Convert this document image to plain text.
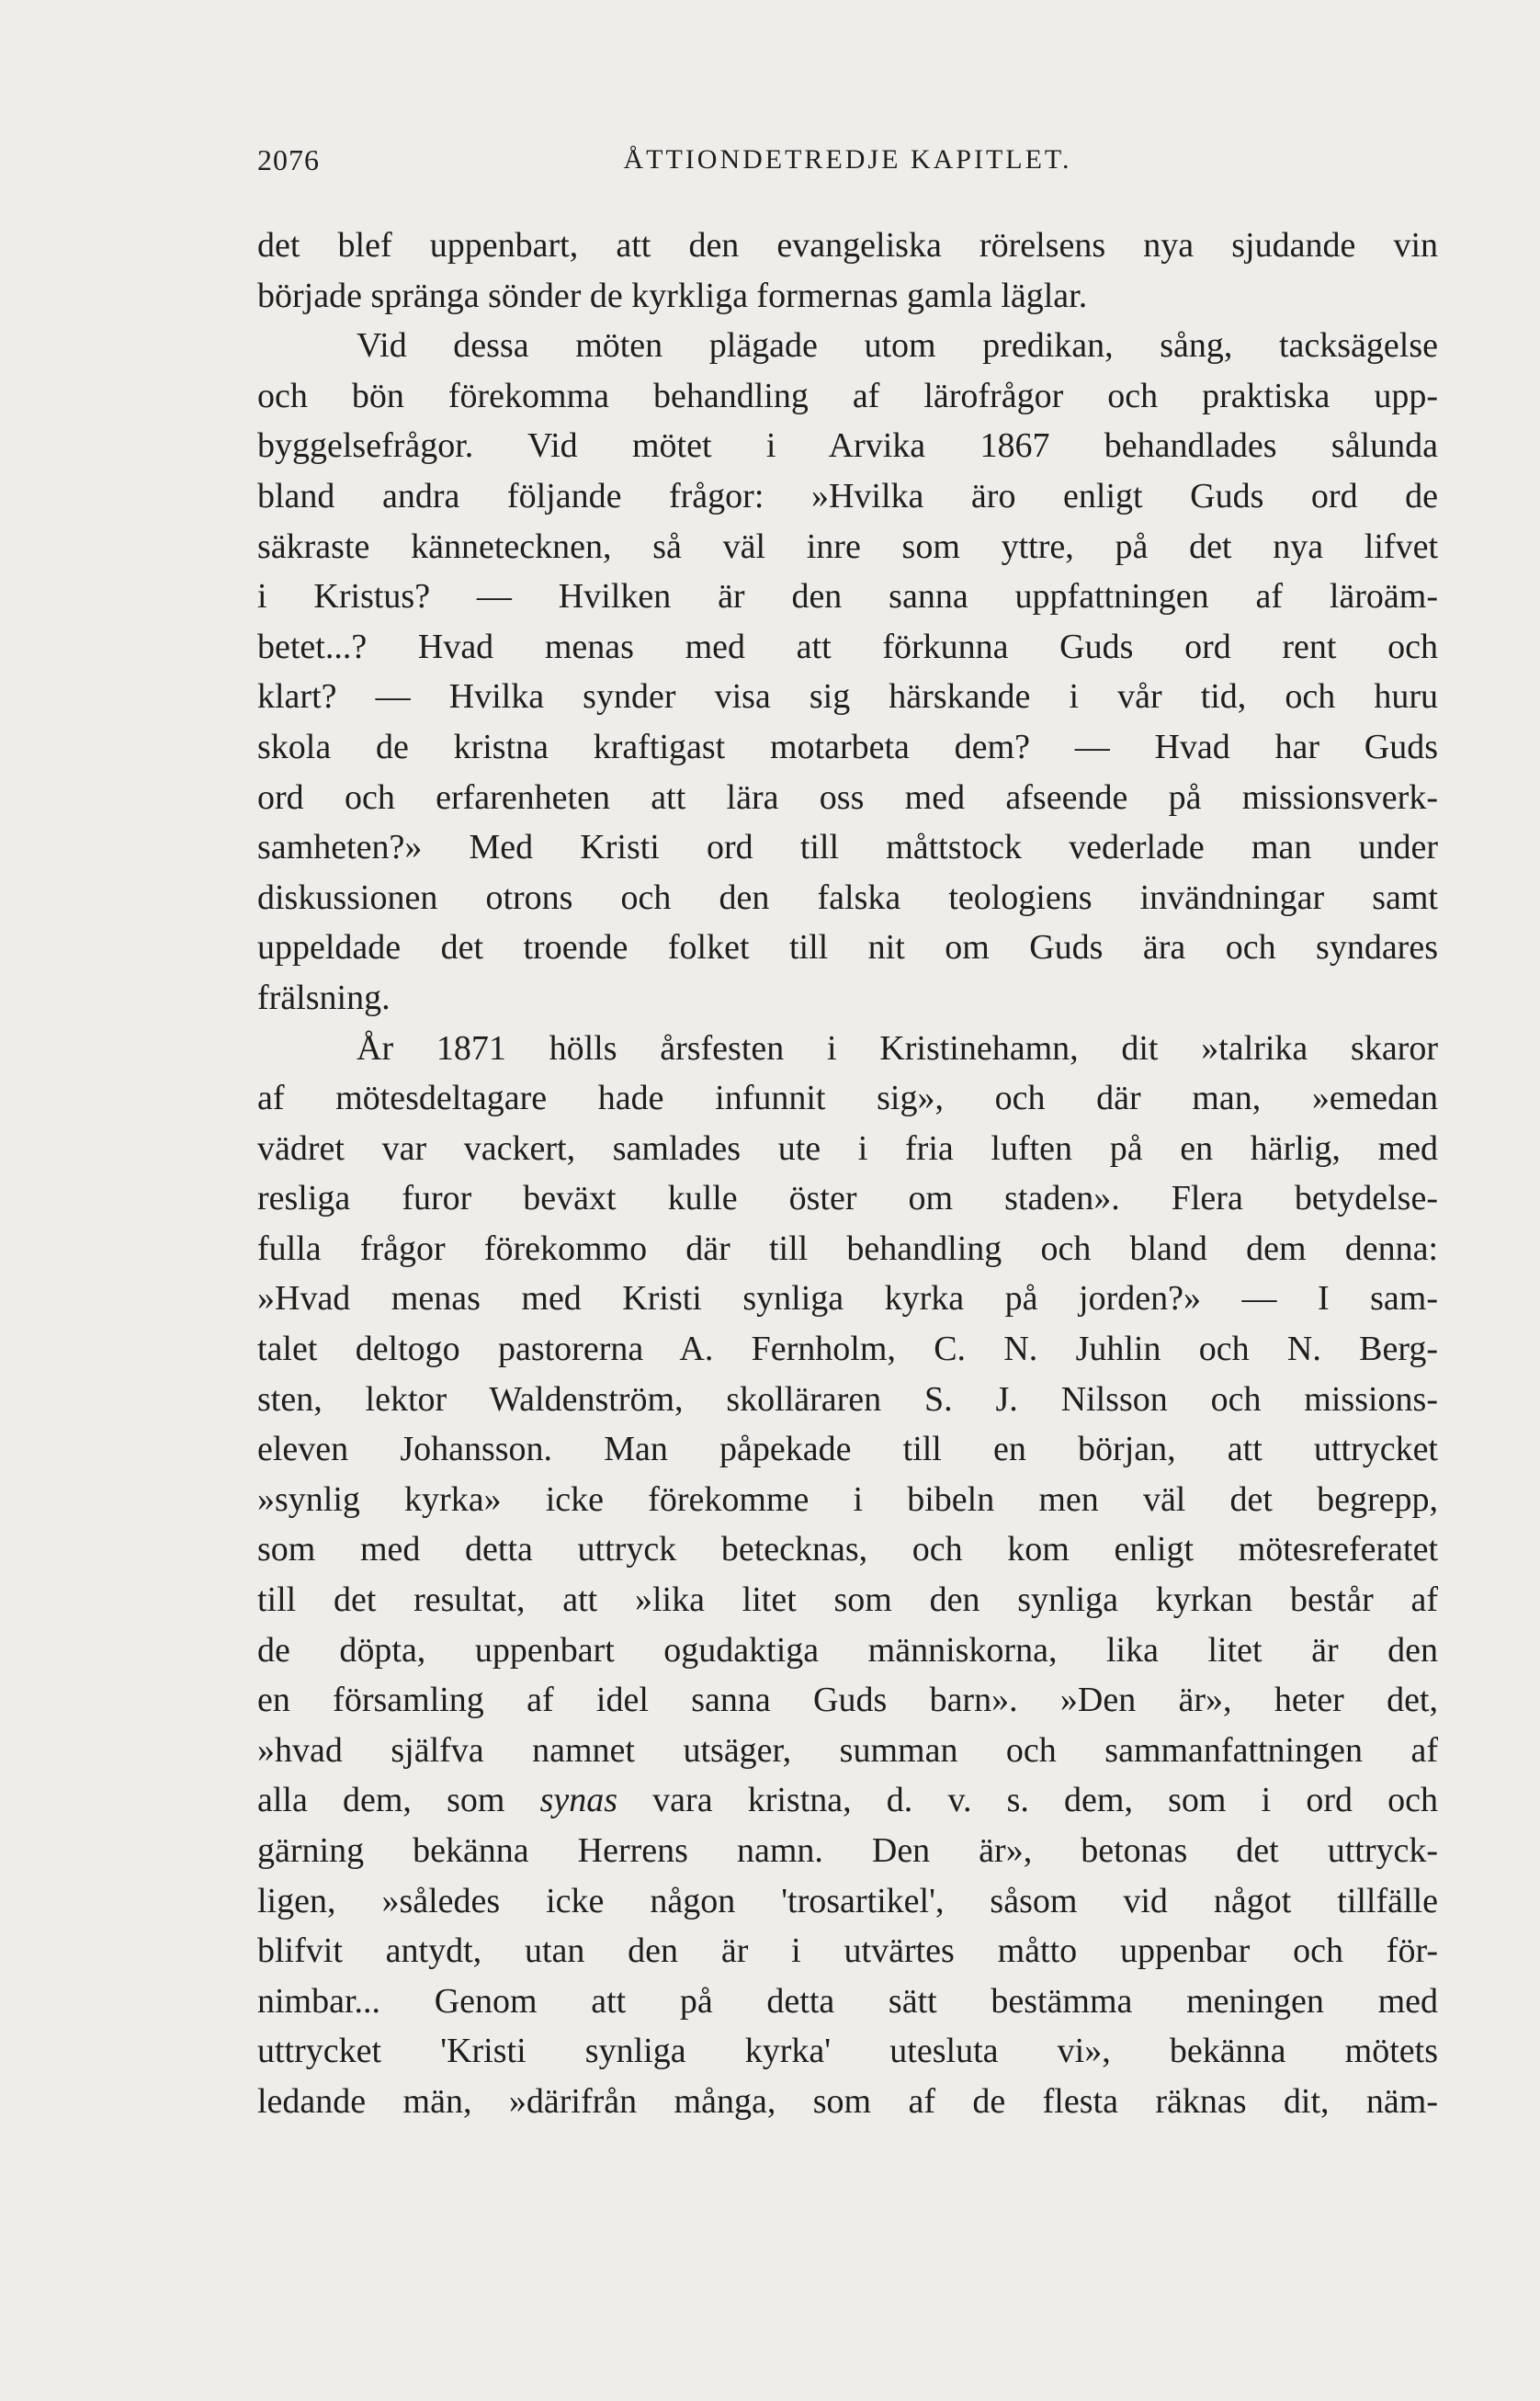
2076	ÅTTIONDETREDJE KAPITLET.
det blef uppenbart, att den evangeliska rörelsens nya sjudande vin
började spränga sönder de kyrkliga formernas gamla läglar.
Vid dessa möten plägade utom predikan, sång, tacksägelse
och bön förekomma behandling af lärofrågor och praktiska upp-
byggelsefrågor. Vid mötet i Arvika 1867 behandlades sålunda
bland andra följande frågor: »Hvilka äro enligt Guds ord de
säkraste kännetecknen, så väl inre som yttre, på det nya lifvet
i Kristus? — Hvilken är den sanna uppfattningen af läroäm-
betet...? Hvad menas med att förkunna Guds ord rent och
klart? — Hvilka synder visa sig härskande i vår tid, och huru
skola de kristna kraftigast motarbeta dem? — Hvad har Guds
ord och erfarenheten att lära oss med afseende på missionsverk-
samheten?» Med Kristi ord till måttstock vederlade man under
diskussionen otrons och den falska teologiens invändningar samt
uppeldade det troende folket till nit om Guds ära och syndares
frälsning.
År 1871 hölls årsfesten i Kristinehamn, dit »talrika skaror
af mötesdeltagare hade infunnit sig», och där man, »emedan
vädret var vackert, samlades ute i fria luften på en härlig, med
resliga furor beväxt kulle öster om staden». Flera betydelse-
fulla frågor förekommo där till behandling och bland dem denna:
»Hvad menas med Kristi synliga kyrka på jorden?» — I sam-
talet deltogo pastorerna A. Fernholm, C. N. Juhlin och N. Berg-
sten, lektor Waldenström, skolläraren S. J. Nilsson och missions-
eleven Johansson. Man påpekade till en början, att uttrycket
»synlig kyrka» icke förekomme i bibeln men väl det begrepp,
som med detta uttryck betecknas, och kom enligt mötesreferatet
till det resultat, att »lika litet som den synliga kyrkan består af
de döpta, uppenbart ogudaktiga människorna, lika litet är den
en församling af idel sanna Guds barn». »Den är», heter det,
»hvad själfva namnet utsäger, summan och sammanfattningen af
alla dem, som synas vara kristna, d. v. s. dem, som i ord och
gärning bekänna Herrens namn. Den är», betonas det uttryck-
ligen, »således icke någon 'trosartikel', såsom vid något tillfälle
blifvit antydt, utan den är i utvärtes måtto uppenbar och för-
nimbar... Genom att på detta sätt bestämma meningen med
uttrycket 'Kristi synliga kyrka' utesluta vi», bekänna mötets
ledande män, »därifrån många, som af de flesta räknas dit, näm-
